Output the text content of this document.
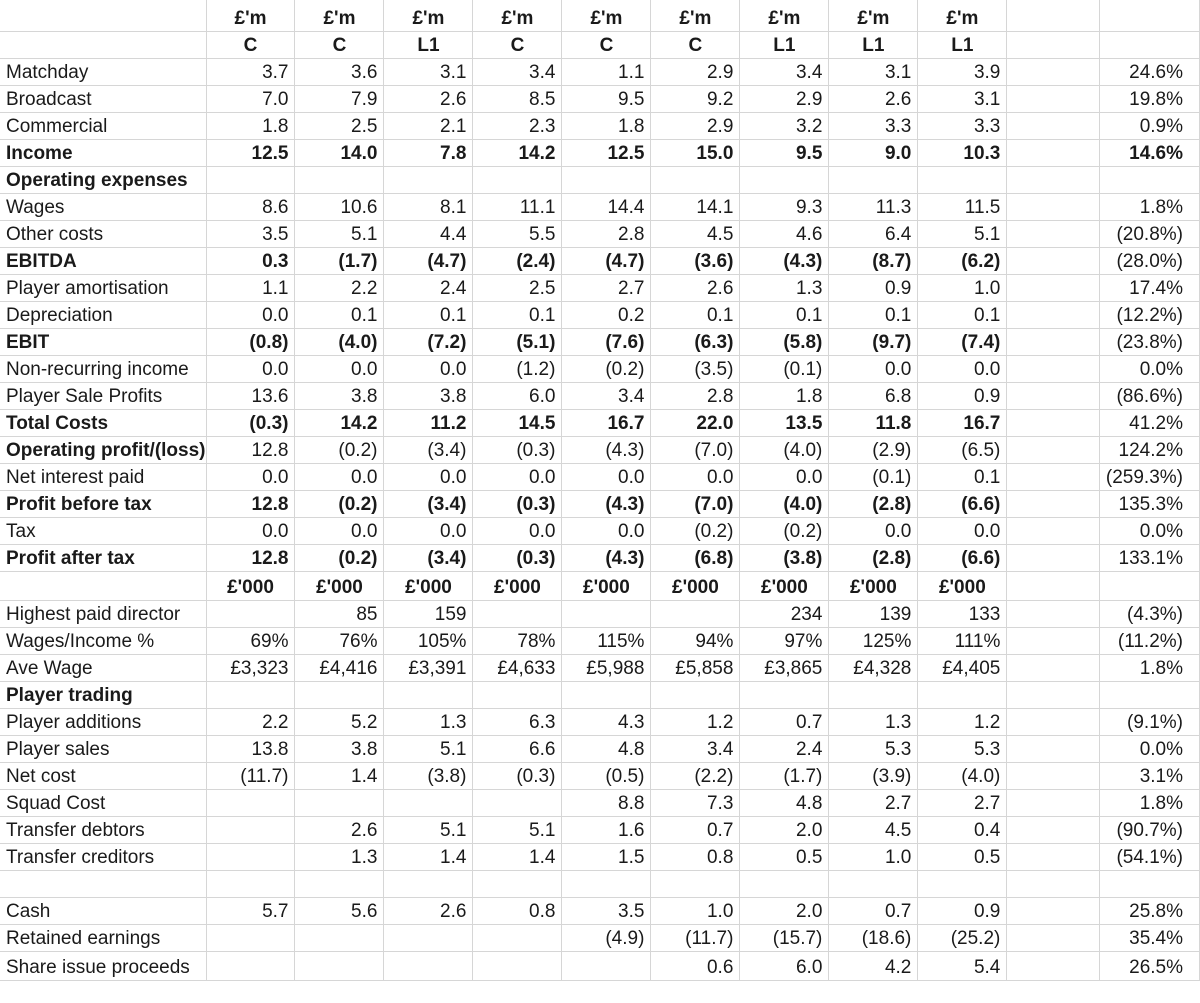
	£'m	£'m	£'m	£'m	£'m	£'m	£'m	£'m	£'m		
	C	C	L1	C	C	C	L1	L1	L1		
Matchday	3.7	3.6	3.1	3.4	1.1	2.9	3.4	3.1	3.9		24.6%
Broadcast	7.0	7.9	2.6	8.5	9.5	9.2	2.9	2.6	3.1		19.8%
Commercial	1.8	2.5	2.1	2.3	1.8	2.9	3.2	3.3	3.3		0.9%
Income	12.5	14.0	7.8	14.2	12.5	15.0	9.5	9.0	10.3		14.6%
Operating expenses											
Wages	8.6	10.6	8.1	11.1	14.4	14.1	9.3	11.3	11.5		1.8%
Other costs	3.5	5.1	4.4	5.5	2.8	4.5	4.6	6.4	5.1		(20.8%)
EBITDA	0.3	(1.7)	(4.7)	(2.4)	(4.7)	(3.6)	(4.3)	(8.7)	(6.2)		(28.0%)
Player amortisation	1.1	2.2	2.4	2.5	2.7	2.6	1.3	0.9	1.0		17.4%
Depreciation	0.0	0.1	0.1	0.1	0.2	0.1	0.1	0.1	0.1		(12.2%)
EBIT	(0.8)	(4.0)	(7.2)	(5.1)	(7.6)	(6.3)	(5.8)	(9.7)	(7.4)		(23.8%)
Non-recurring income	0.0	0.0	0.0	(1.2)	(0.2)	(3.5)	(0.1)	0.0	0.0		0.0%
Player Sale Profits	13.6	3.8	3.8	6.0	3.4	2.8	1.8	6.8	0.9		(86.6%)
Total Costs	(0.3)	14.2	11.2	14.5	16.7	22.0	13.5	11.8	16.7		41.2%
Operating profit/(loss)	12.8	(0.2)	(3.4)	(0.3)	(4.3)	(7.0)	(4.0)	(2.9)	(6.5)		124.2%
Net interest paid	0.0	0.0	0.0	0.0	0.0	0.0	0.0	(0.1)	0.1		(259.3%)
Profit before tax	12.8	(0.2)	(3.4)	(0.3)	(4.3)	(7.0)	(4.0)	(2.8)	(6.6)		135.3%
Tax	0.0	0.0	0.0	0.0	0.0	(0.2)	(0.2)	0.0	0.0		0.0%
Profit after tax	12.8	(0.2)	(3.4)	(0.3)	(4.3)	(6.8)	(3.8)	(2.8)	(6.6)		133.1%
	£'000	£'000	£'000	£'000	£'000	£'000	£'000	£'000	£'000		
Highest paid director		85	159				234	139	133		(4.3%)
Wages/Income %	69%	76%	105%	78%	115%	94%	97%	125%	111%		(11.2%)
Ave Wage	£3,323	£4,416	£3,391	£4,633	£5,988	£5,858	£3,865	£4,328	£4,405		1.8%
Player trading											
Player additions	2.2	5.2	1.3	6.3	4.3	1.2	0.7	1.3	1.2		(9.1%)
Player sales	13.8	3.8	5.1	6.6	4.8	3.4	2.4	5.3	5.3		0.0%
Net cost	(11.7)	1.4	(3.8)	(0.3)	(0.5)	(2.2)	(1.7)	(3.9)	(4.0)		3.1%
Squad Cost					8.8	7.3	4.8	2.7	2.7		1.8%
Transfer debtors		2.6	5.1	5.1	1.6	0.7	2.0	4.5	0.4		(90.7%)
Transfer creditors		1.3	1.4	1.4	1.5	0.8	0.5	1.0	0.5		(54.1%)

Cash	5.7	5.6	2.6	0.8	3.5	1.0	2.0	0.7	0.9		25.8%
Retained earnings					(4.9)	(11.7)	(15.7)	(18.6)	(25.2)		35.4%
Share issue proceeds						0.6	6.0	4.2	5.4		26.5%
